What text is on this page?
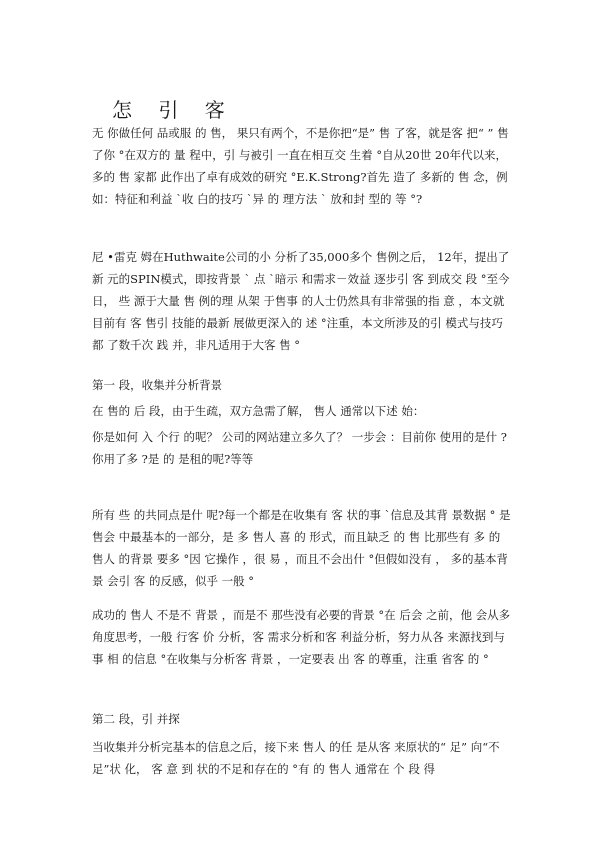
怎 引 客

无 你做任何 品或服 的 售， 果只有两个，不是你把“是” 售 了客，就是客 把“ ” 售 了你 °在双方的 量 程中，引 与被引 一直在相互交 生着 °自从20世 20年代以来， 多的 售 家都 此作出了卓有成效的研究 °E.K.Strong?首先 造了 多新的 售 念，例如：特征和利益 `收 白的技巧 `异 的 理方法 ` 放和封 型的 等 °?

尼 •雷克 姆在Huthwaite公司的小 分析了35,000多个 售例之后， 12年，提出了 新 元的SPIN模式，即按背景 ` 点 `暗示 和需求－效益 逐步引 客 到成交 段 °至今日， 些 源于大量 售 例的理 从架 于售事 的人士仍然具有非常强的指 意 ，本文就目前有 客 售引 技能的最新 展做更深入的 述 °注重，本文所涉及的引 模式与技巧都 了数千次 践 并，非凡适用于大客 售 °

第一 段，收集并分析背景

在 售的 后 段，由于生疏，双方急需了解， 售人 通常以下述 始：

你是如何 入 个行 的呢？ 公司的网站建立多久了？ 一步会 ：目前你 使用的是什 ?你用了多 ?是 的 是租的呢?等等

所有 些 的共同点是什 呢?每一个都是在收集有 客 状的事 `信息及其背 景数据 ° 是 售会 中最基本的一部分，是 多 售人 喜 的 形式，而且缺乏 的 售 比那些有 多 的 售人 的背景 要多 °因 它操作 ，很 易 ，而且不会出什 °但假如没有 ， 多的基本背景 会引 客 的反感，似乎 一般 °

成功的 售人 不是不 背景 ，而是不 那些没有必要的背景 °在 后会 之前，他 会从多角度思考，一般 行客 价 分析，客 需求分析和客 利益分析，努力从各 来源找到与事 相 的信息 °在收集与分析客 背景 ，一定要表 出 客 的尊重，注重 省客 的 °

第二 段，引 并探

当收集并分析完基本的信息之后，接下来 售人 的任 是从客 来原状的“ 足” 向“不 足”状 化， 客 意 到 状的不足和存在的 °有 的 售人 通常在 个 段 得
